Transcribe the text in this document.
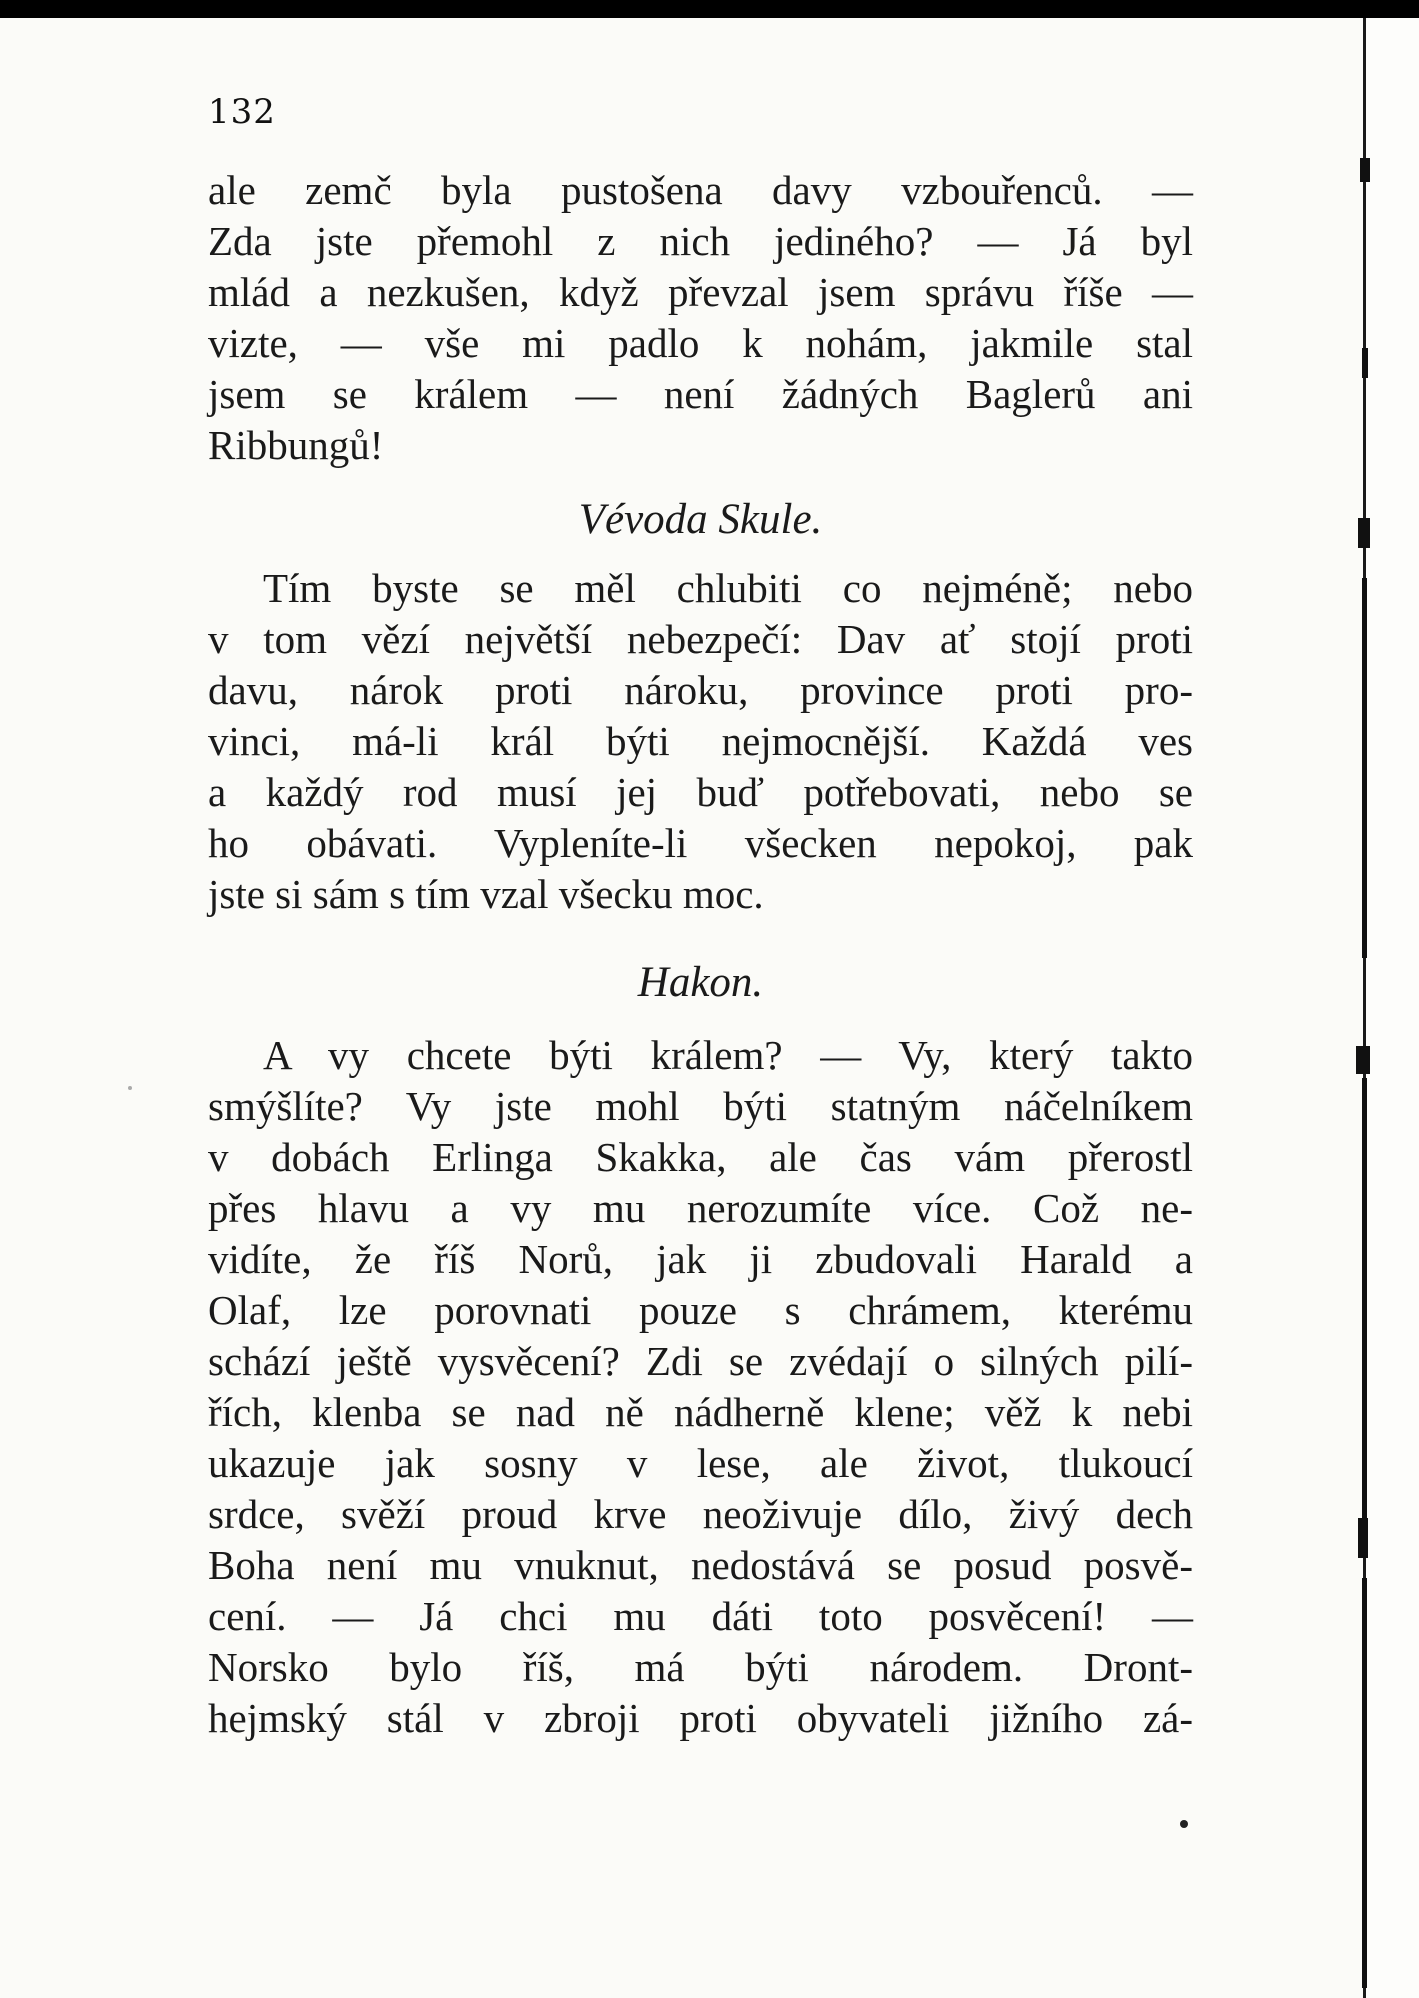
132
ale zemč byla pustošena davy vzbouřenců. —
Zda jste přemohl z nich jediného? — Já byl
mlád a nezkušen, když převzal jsem správu říše —
vizte, — vše mi padlo k nohám, jakmile stal
jsem se králem — není žádných Baglerů ani
Ribbungů!
Vévoda Skule.
Tím byste se měl chlubiti co nejméně; nebo
v tom vězí největší nebezpečí: Dav ať stojí proti
davu, nárok proti nároku, province proti pro-
vinci, má-li král býti nejmocnější. Každá ves
a každý rod musí jej buď potřebovati, nebo se
ho obávati. Vypleníte-li všecken nepokoj, pak
jste si sám s tím vzal všecku moc.
Hakon.
A vy chcete býti králem? — Vy, který takto
smýšlíte? Vy jste mohl býti statným náčelníkem
v dobách Erlinga Skakka, ale čas vám přerostl
přes hlavu a vy mu nerozumíte více. Což ne-
vidíte, že říš Norů, jak ji zbudovali Harald a
Olaf, lze porovnati pouze s chrámem, kterému
schází ještě vysvěcení? Zdi se zvédají o silných pilí-
řích, klenba se nad ně nádherně klene; věž k nebi
ukazuje jak sosny v lese, ale život, tlukoucí
srdce, svěží proud krve neoživuje dílo, živý dech
Boha není mu vnuknut, nedostává se posud posvě-
cení. — Já chci mu dáti toto posvěcení! —
Norsko bylo říš, má býti národem. Dront-
hejmský stál v zbroji proti obyvateli jižního zá-
